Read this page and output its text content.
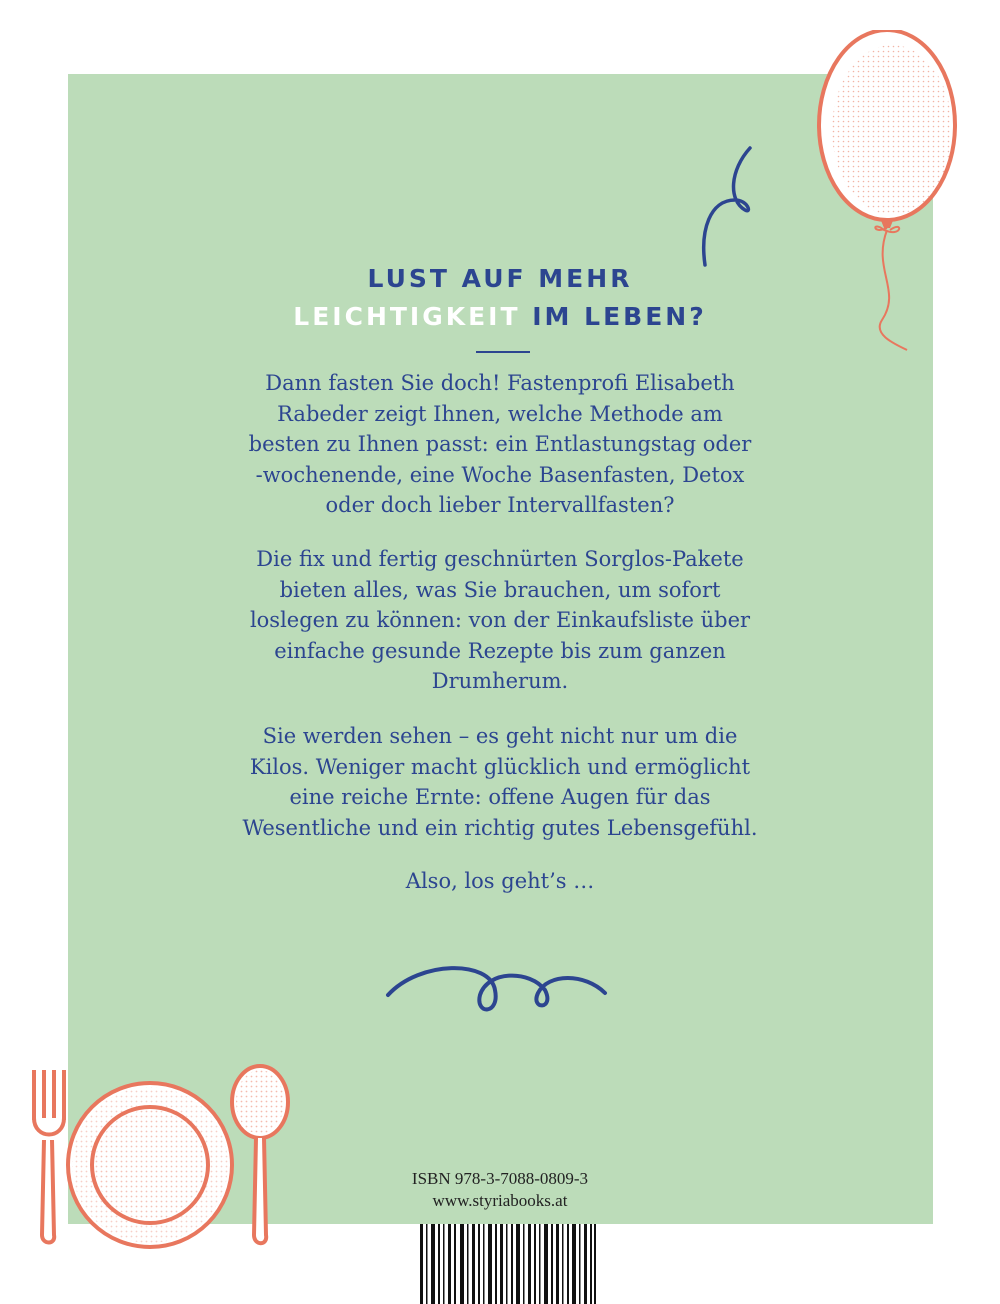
LUST AUF MEHR
LEICHTIGKEIT IM LEBEN?
Dann fasten Sie doch! Fastenprofi Elisabeth
Rabeder zeigt Ihnen, welche Methode am
besten zu Ihnen passt: ein Entlastungstag oder
-wochenende, eine Woche Basenfasten, Detox
oder doch lieber Intervallfasten?
Die fix und fertig geschnürten Sorglos-Pakete
bieten alles, was Sie brauchen, um sofort
loslegen zu können: von der Einkaufsliste über
einfache gesunde Rezepte bis zum ganzen
Drumherum.
Sie werden sehen – es geht nicht nur um die
Kilos. Weniger macht glücklich und ermöglicht
eine reiche Ernte: offene Augen für das
Wesentliche und ein richtig gutes Lebensgefühl.
Also, los geht’s …
ISBN 978-3-7088-0809-3
www.styriabooks.at
